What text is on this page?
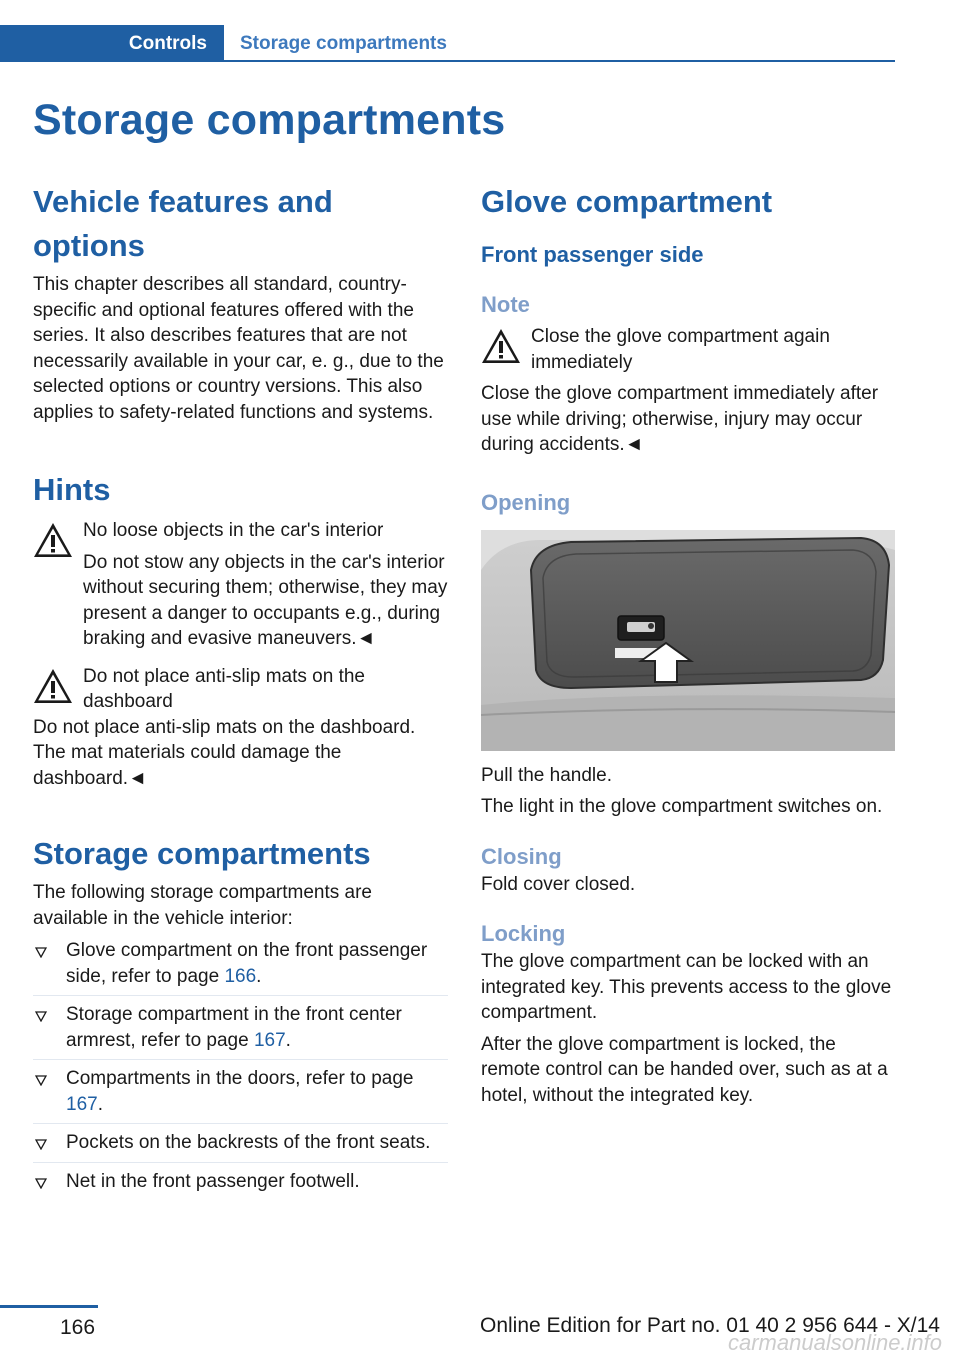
Controls	Storage compartments
Storage compartments
Vehicle features and options

This chapter describes all standard, country-specific and optional features offered with the series. It also describes features that are not necessarily available in your car, e. g., due to the selected options or country versions. This also applies to safety-related functions and systems.

Hints

No loose objects in the car's interior

Do not stow any objects in the car's interior without securing them; otherwise, they may present a danger to occupants e.g., during braking and evasive maneuvers.◄

Do not place anti-slip mats on the dashboard

Do not place anti-slip mats on the dashboard. The mat materials could damage the dashboard.◄

Storage compartments

The following storage compartments are available in the vehicle interior:

Glove compartment on the front passenger side, refer to page 166.
Storage compartment in the front center armrest, refer to page 167.
Compartments in the doors, refer to page 167.
Pockets on the backrests of the front seats.
Net in the front passenger footwell.
Glove compartment
Front passenger side
Note

Close the glove compartment again immediately

Close the glove compartment immediately after use while driving; otherwise, injury may occur during accidents.◄

Opening

Pull the handle.

The light in the glove compartment switches on.

Closing

Fold cover closed.

Locking

The glove compartment can be locked with an integrated key. This prevents access to the glove compartment.

After the glove compartment is locked, the remote control can be handed over, such as at a hotel, without the integrated key.

166	Online Edition for Part no. 01 40 2 956 644 - X/14
carmanualsonline.info
